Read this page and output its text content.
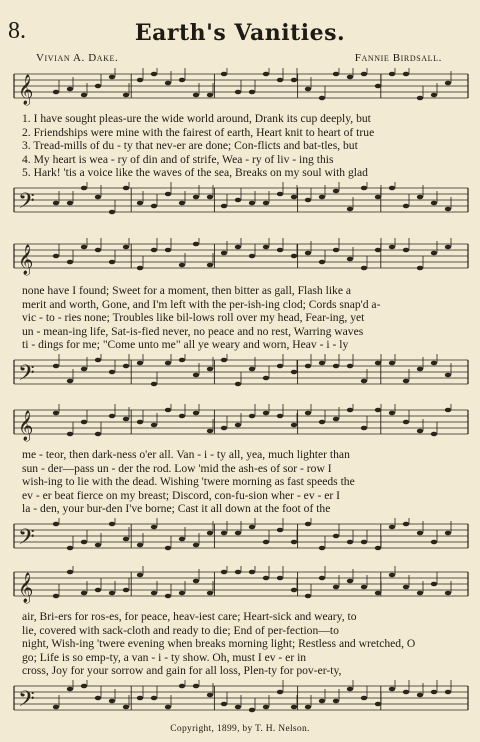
8.	Earth's Vanities.
Vivian A. Dake.	Fannie Birdsall.
𝄞
1. I have sought pleas-ure the wide world around, Drank its cup deeply, but
2. Friendships were mine with the fairest of earth, Heart knit to heart of true
3. Tread-mills of du - ty that nev-er are done; Con-flicts and bat-tles, but
4. My heart is wea - ry of din and of strife, Wea - ry of liv - ing this
5. Hark! 'tis a voice like the waves of the sea, Breaks on my soul with glad
𝄢
𝄞
none have I found; Sweet for a moment, then bitter as gall, Flash like a
merit and worth, Gone, and I'm left with the per-ish-ing clod; Cords snap'd a-
vic - to - ries none; Troubles like bil-lows roll over my head, Fear-ing, yet
un - mean-ing life, Sat-is-fied never, no peace and no rest, Warring waves
ti - dings for me; "Come unto me" all ye weary and worn, Heav - i - ly
𝄢
𝄞
me - teor, then dark-ness o'er all. Van - i - ty all, yea, much lighter than
sun - der—pass un - der the rod. Low 'mid the ash-es of sor - row I
wish-ing to lie with the dead. Wishing 'twere morning as fast speeds the
ev - er beat fierce on my breast; Discord, con-fu-sion wher - ev - er I
la - den, your bur-den I've borne; Cast it all down at the foot of the
𝄢
𝄞
air, Bri-ers for ros-es, for peace, heav-iest care; Heart-sick and weary, to
lie, covered with sack-cloth and ready to die; End of per-fection—to
night, Wish-ing 'twere evening when breaks morning light; Restless and wretched, O
go; Life is so emp-ty, a van - i - ty show. Oh, must I ev - er in
cross, Joy for your sorrow and gain for all loss, Plen-ty for pov-er-ty,
𝄢
Copyright, 1899, by T. H. Nelson.
